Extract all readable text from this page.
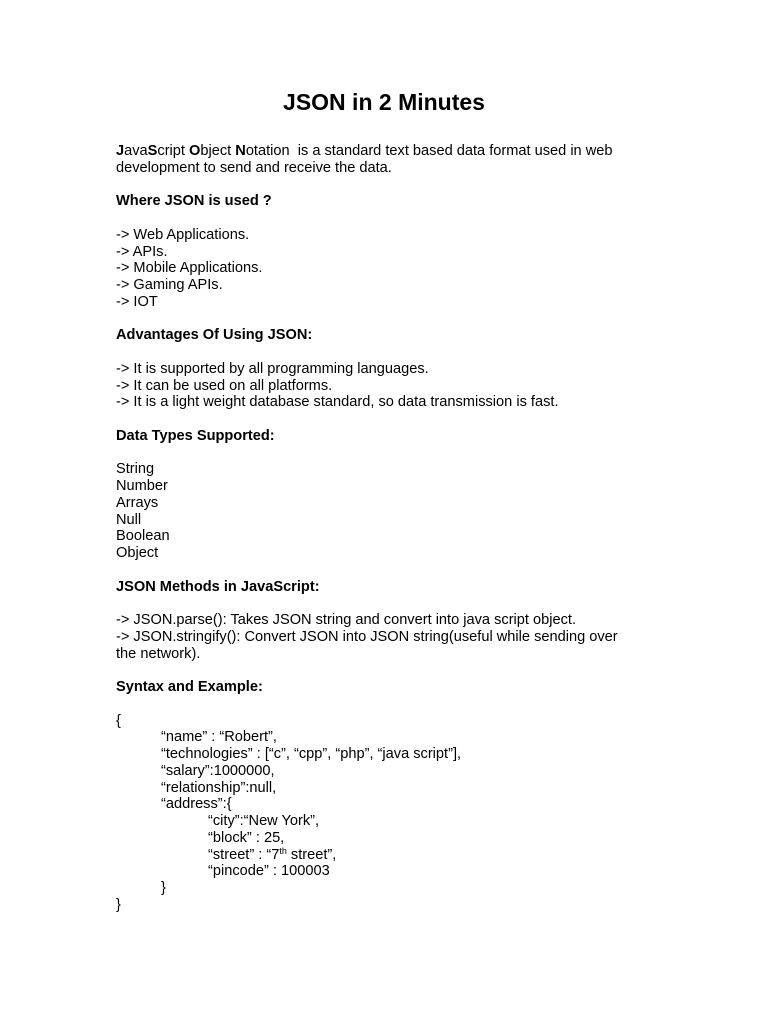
JSON in 2 Minutes
JavaScript Object Notation  is a standard text based data format used in web
development to send and receive the data.
Where JSON is used ?
-> Web Applications.
-> APIs.
-> Mobile Applications.
-> Gaming APIs.
-> IOT
Advantages Of Using JSON:
-> It is supported by all programming languages.
-> It can be used on all platforms.
-> It is a light weight database standard, so data transmission is fast.
Data Types Supported:
String
Number
Arrays
Null
Boolean
Object
JSON Methods in JavaScript:
-> JSON.parse(): Takes JSON string and convert into java script object.
-> JSON.stringify(): Convert JSON into JSON string(useful while sending over
the network).
Syntax and Example:
{
“name” : “Robert”,
“technologies” : [“c”, “cpp”, “php”, “java script”],
“salary”:1000000,
“relationship”:null,
“address”:{
“city”:“New York”,
“block” : 25,
“street” : “7th street”,
“pincode” : 100003
}
}
